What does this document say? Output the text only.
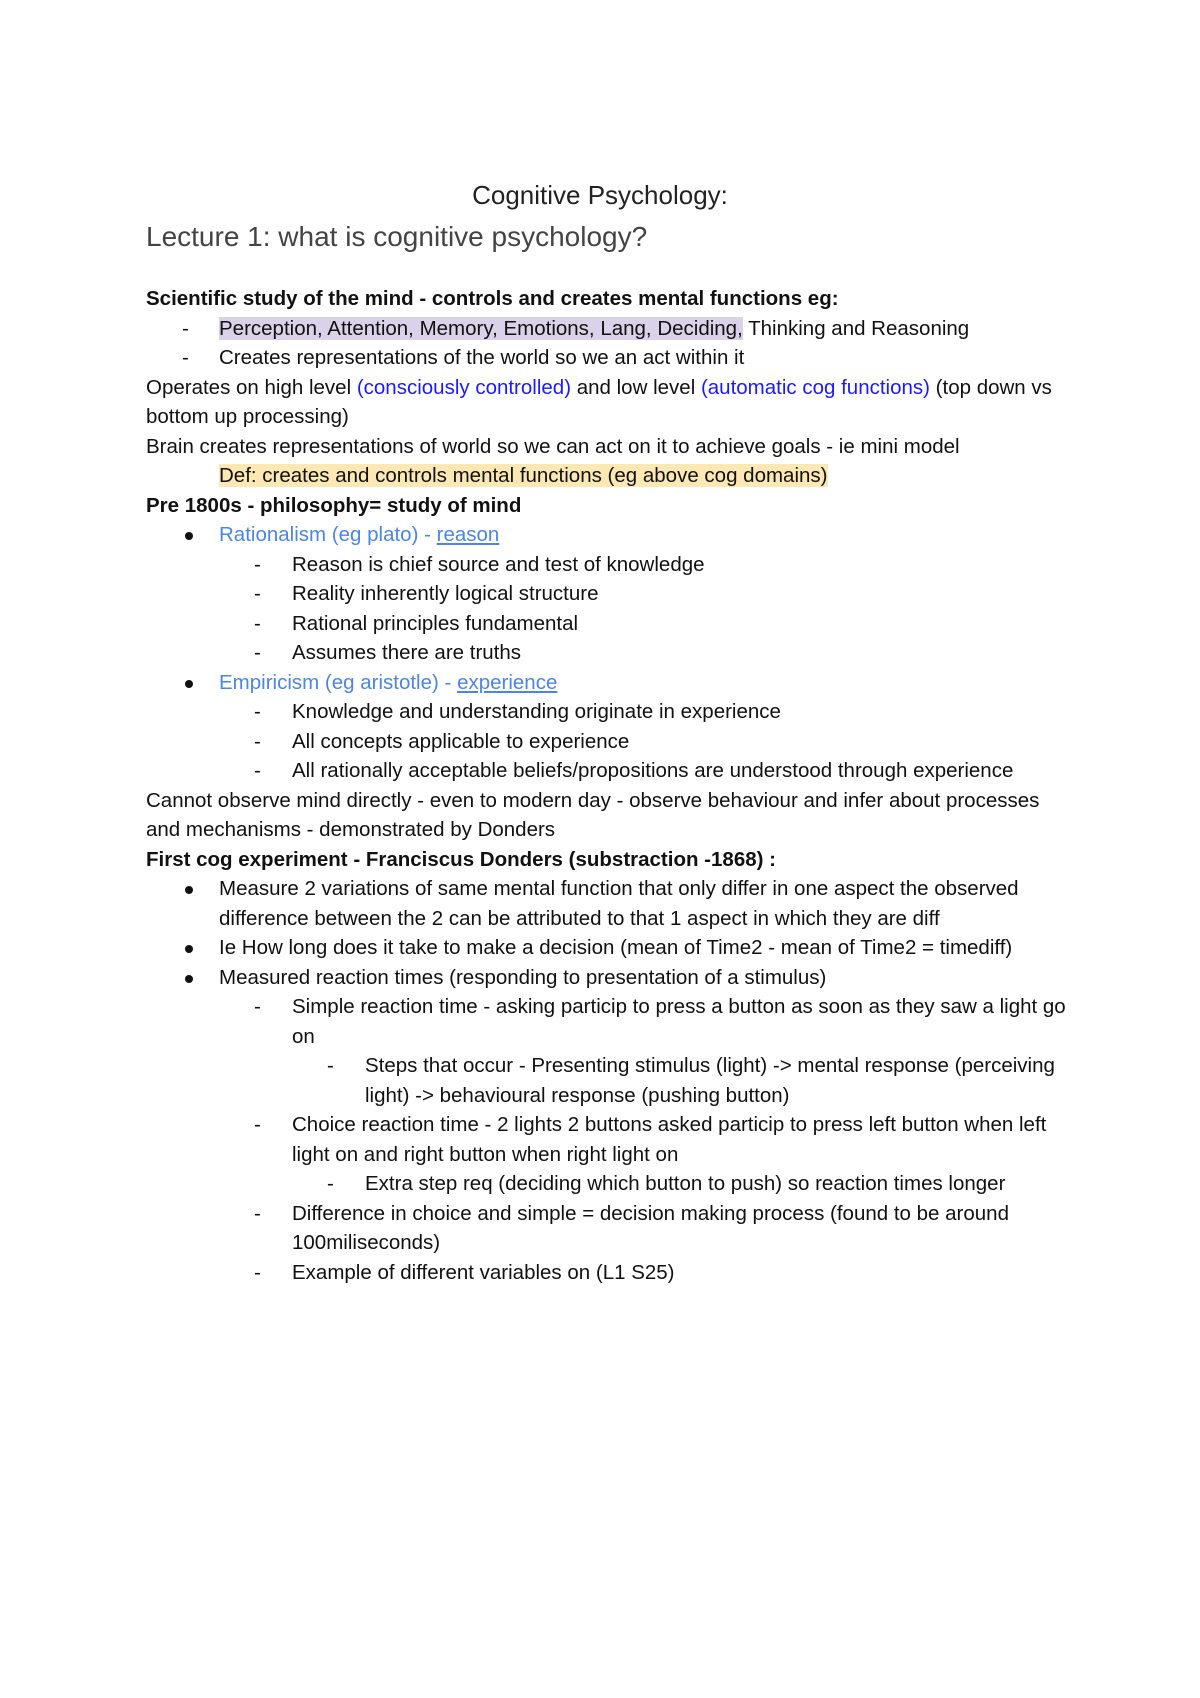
Cognitive Psychology:
Lecture 1: what is cognitive psychology?
Scientific study of the mind - controls and creates mental functions eg:
- Perception, Attention, Memory, Emotions, Lang, Deciding, Thinking and Reasoning
- Creates representations of the world so we an act within it
Operates on high level (consciously controlled) and low level (automatic cog functions) (top down vs bottom up processing)
Brain creates representations of world so we can act on it to achieve goals - ie mini model
Def: creates and controls mental functions (eg above cog domains)
Pre 1800s - philosophy= study of mind
Rationalism (eg plato) - reason
- Reason is chief source and test of knowledge
- Reality inherently logical structure
- Rational principles fundamental
- Assumes there are truths
Empiricism (eg aristotle) - experience
- Knowledge and understanding originate in experience
- All concepts applicable to experience
- All rationally acceptable beliefs/propositions are understood through experience
Cannot observe mind directly - even to modern day - observe behaviour and infer about processes and mechanisms - demonstrated by Donders
First cog experiment - Franciscus Donders (substraction -1868) :
Measure 2 variations of same mental function that only differ in one aspect the observed difference between the 2 can be attributed to that 1 aspect in which they are diff
Ie How long does it take to make a decision (mean of Time2 - mean of Time2 = timediff)
Measured reaction times (responding to presentation of a stimulus)
- Simple reaction time - asking particip to press a button as soon as they saw a light go on
- Steps that occur - Presenting stimulus (light) -> mental response (perceiving light) -> behavioural response (pushing button)
- Choice reaction time - 2 lights 2 buttons asked particip to press left button when left light on and right button when right light on
- Extra step req (deciding which button to push) so reaction times longer
- Difference in choice and simple = decision making process (found to be around 100miliseconds)
- Example of different variables on (L1 S25)
